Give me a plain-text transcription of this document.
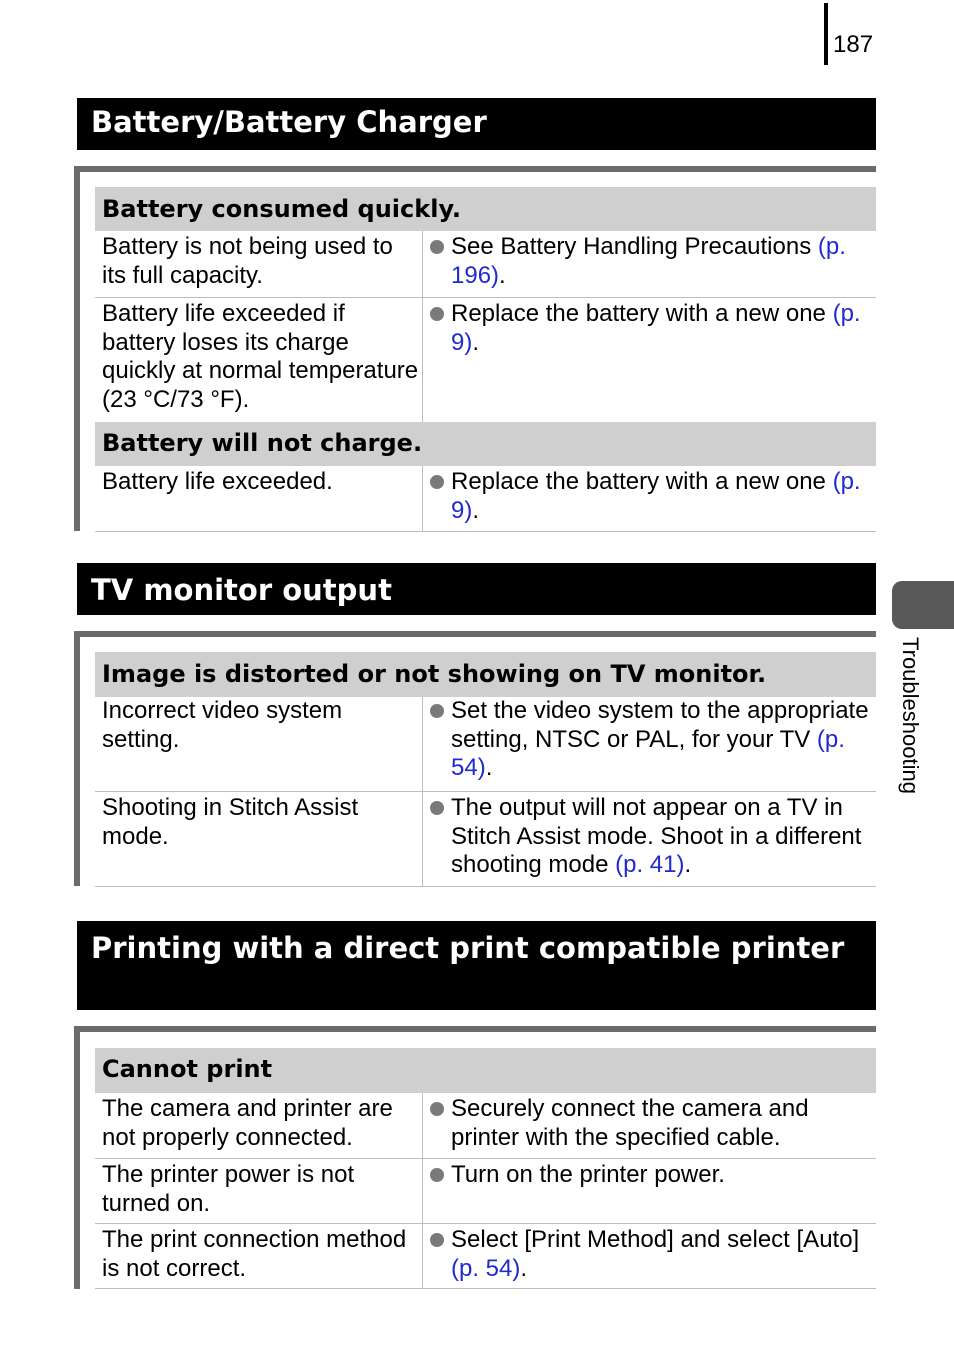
187
Battery/Battery Charger
Battery consumed quickly.
Battery is not being used to its full capacity.
See Battery Handling Precautions (p. 196).
Battery life exceeded if battery loses its charge quickly at normal temperature (23 °C/73 °F).
Replace the battery with a new one (p. 9).
Battery will not charge.
Battery life exceeded.	Replace the battery with a new one (p. 9).
TV monitor output
Image is distorted or not showing on TV monitor.
Incorrect video system setting.
Set the video system to the appropriate setting, NTSC or PAL, for your TV (p. 54).
Shooting in Stitch Assist mode.
The output will not appear on a TV in Stitch Assist mode. Shoot in a different shooting mode (p. 41).
Printing with a direct print compatible printer
Cannot print
The camera and printer are not properly connected.
Securely connect the camera and printer with the specified cable.
The printer power is not turned on.
Turn on the printer power.
The print connection method is not correct.
Select [Print Method] and select [Auto] (p. 54).
Troubleshooting
